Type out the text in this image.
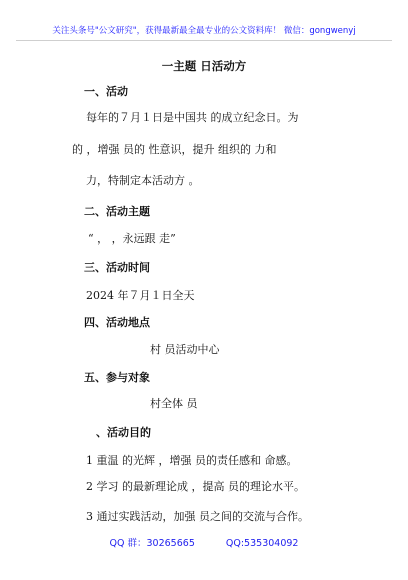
关注头条号"公文研究"，获得最新最全最专业的公文资料库！ 微信：gongwenyj
一主题 日活动方
一、活动
每年的７月１日是中国共 的成立纪念日。为
的 ，增强 员的 性意识，提升 组织的 力和
力，特制定本活动方 。
二、活动主题
“ ， ，永远跟 走”
三、活动时间
2024 年７月１日全天
四、活动地点
村 员活动中心
五、参与对象
村全体 员
、活动目的
1 重温 的光辉 ，增强 员的责任感和 命感。
2 学习 的最新理论成 ，提高 员的理论水平。
3 通过实践活动，加强 员之间的交流与合作。
QQ 群：30265665	QQ:535304092
